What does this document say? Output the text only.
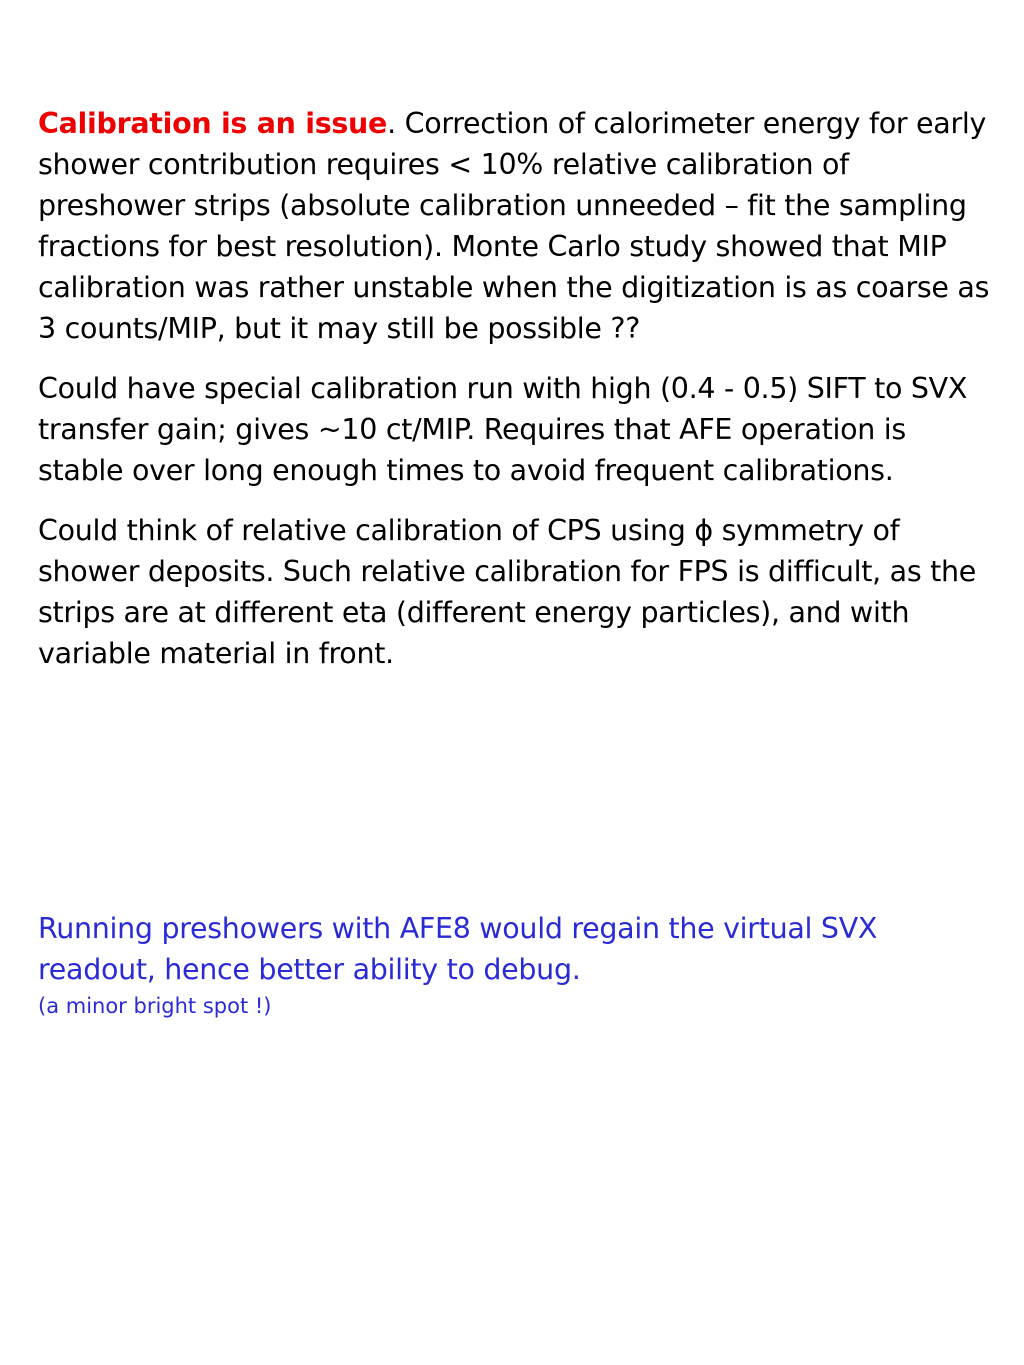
Calibration is an issue. Correction of calorimeter energy for early shower contribution requires < 10% relative calibration of preshower strips (absolute calibration unneeded – fit the sampling fractions for best resolution). Monte Carlo study showed that MIP calibration was rather unstable when the digitization is as coarse as 3 counts/MIP, but it may still be possible ??

Could have special calibration run with high (0.4 - 0.5) SIFT to SVX transfer gain; gives ~10 ct/MIP. Requires that AFE operation is stable over long enough times to avoid frequent calibrations.

Could think of relative calibration of CPS using ϕ symmetry of shower deposits. Such relative calibration for FPS is difficult, as the strips are at different eta (different energy particles), and with variable material in front.

Running preshowers with AFE8 would regain the virtual SVX readout, hence better ability to debug.

(a minor bright spot !)
